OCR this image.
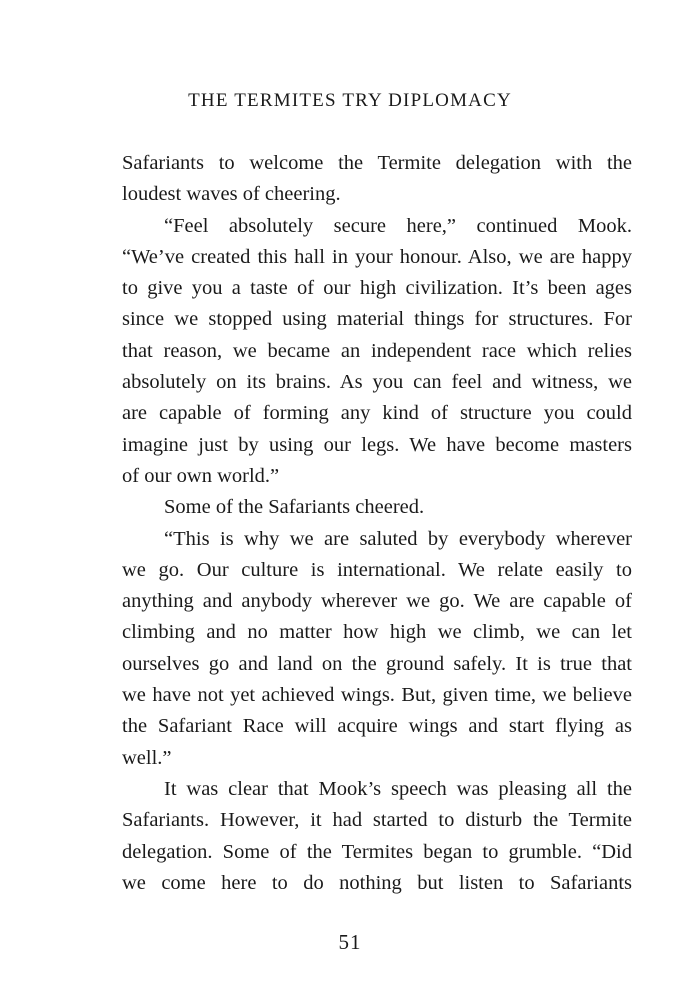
THE TERMITES TRY DIPLOMACY
Safariants to welcome the Termite delegation with the
loudest waves of cheering.
“Feel absolutely secure here,” continued Mook.
“We’ve created this hall in your honour. Also, we are happy
to give you a taste of our high civilization. It’s been ages
since we stopped using material things for structures. For
that reason, we became an independent race which relies
absolutely on its brains. As you can feel and witness, we
are capable of forming any kind of structure you could
imagine just by using our legs. We have become masters
of our own world.”
Some of the Safariants cheered.
“This is why we are saluted by everybody wherever
we go. Our culture is international. We relate easily to
anything and anybody wherever we go. We are capable of
climbing and no matter how high we climb, we can let
ourselves go and land on the ground safely. It is true that
we have not yet achieved wings. But, given time, we believe
the Safariant Race will acquire wings and start flying as
well.”
It was clear that Mook’s speech was pleasing all the
Safariants. However, it had started to disturb the Termite
delegation. Some of the Termites began to grumble. “Did
we come here to do nothing but listen to Safariants
51
